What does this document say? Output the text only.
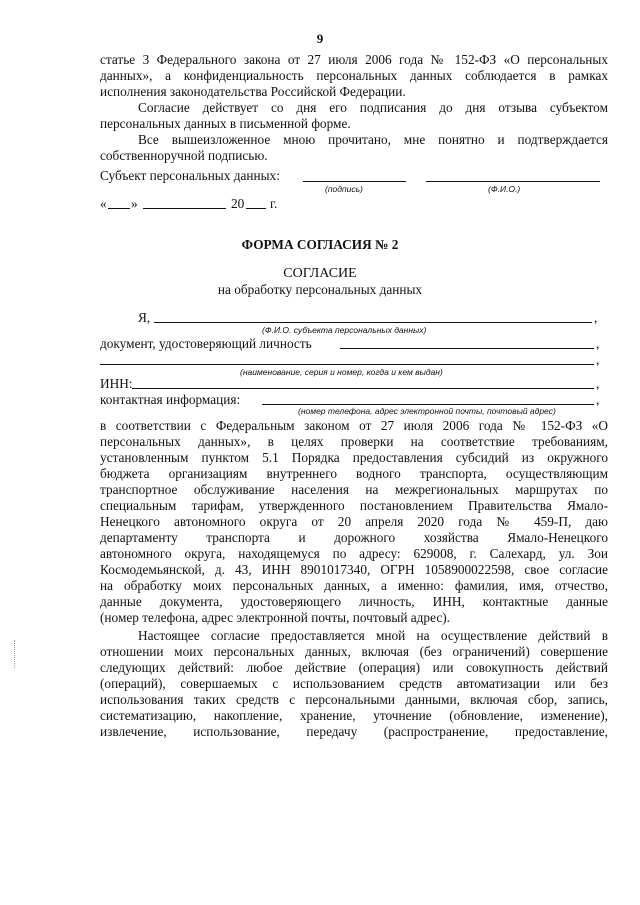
9
статье 3 Федерального закона от 27 июля 2006 года № 152-ФЗ «О персональных
данных», а конфиденциальность персональных данных соблюдается в рамках
исполнения законодательства Российской Федерации.
Согласие действует со дня его подписания до дня отзыва субъектом
персональных данных в письменной форме.
Все вышеизложенное мною прочитано, мне понятно и подтверждается
собственноручной подписью.
Субъект персональных данных:
(подпись)	(Ф.И.О.)
« »	20 г.
ФОРМА СОГЛАСИЯ № 2
СОГЛАСИЕ
на обработку персональных данных
Я,	,
(Ф.И.О. субъекта персональных данных)
документ, удостоверяющий личность	,
,
(наименование, серия и номер, когда и кем выдан)
ИНН:	,
контактная информация:	,
(номер телефона, адрес электронной почты, почтовый адрес)
в соответствии с Федеральным законом от 27 июля 2006 года № 152-ФЗ «О
персональных данных», в целях проверки на соответствие требованиям,
установленным пунктом 5.1 Порядка предоставления субсидий из окружного
бюджета организациям внутреннего водного транспорта, осуществляющим
транспортное обслуживание населения на межрегиональных маршрутах по
специальным тарифам, утвержденного постановлением Правительства Ямало-
Ненецкого автономного округа от 20 апреля 2020 года № 459-П, даю
департаменту транспорта и дорожного хозяйства Ямало-Ненецкого
автономного округа, находящемуся по адресу: 629008, г. Салехард, ул. Зои
Космодемьянской, д. 43, ИНН 8901017340, ОГРН 1058900022598, свое согласие
на обработку моих персональных данных, а именно: фамилия, имя, отчество,
данные документа, удостоверяющего личность, ИНН, контактные данные
(номер телефона, адрес электронной почты, почтовый адрес).
Настоящее согласие предоставляется мной на осуществление действий в
отношении моих персональных данных, включая (без ограничений) совершение
следующих действий: любое действие (операция) или совокупность действий
(операций), совершаемых с использованием средств автоматизации или без
использования таких средств с персональными данными, включая сбор, запись,
систематизацию, накопление, хранение, уточнение (обновление, изменение),
извлечение, использование, передачу (распространение, предоставление,
